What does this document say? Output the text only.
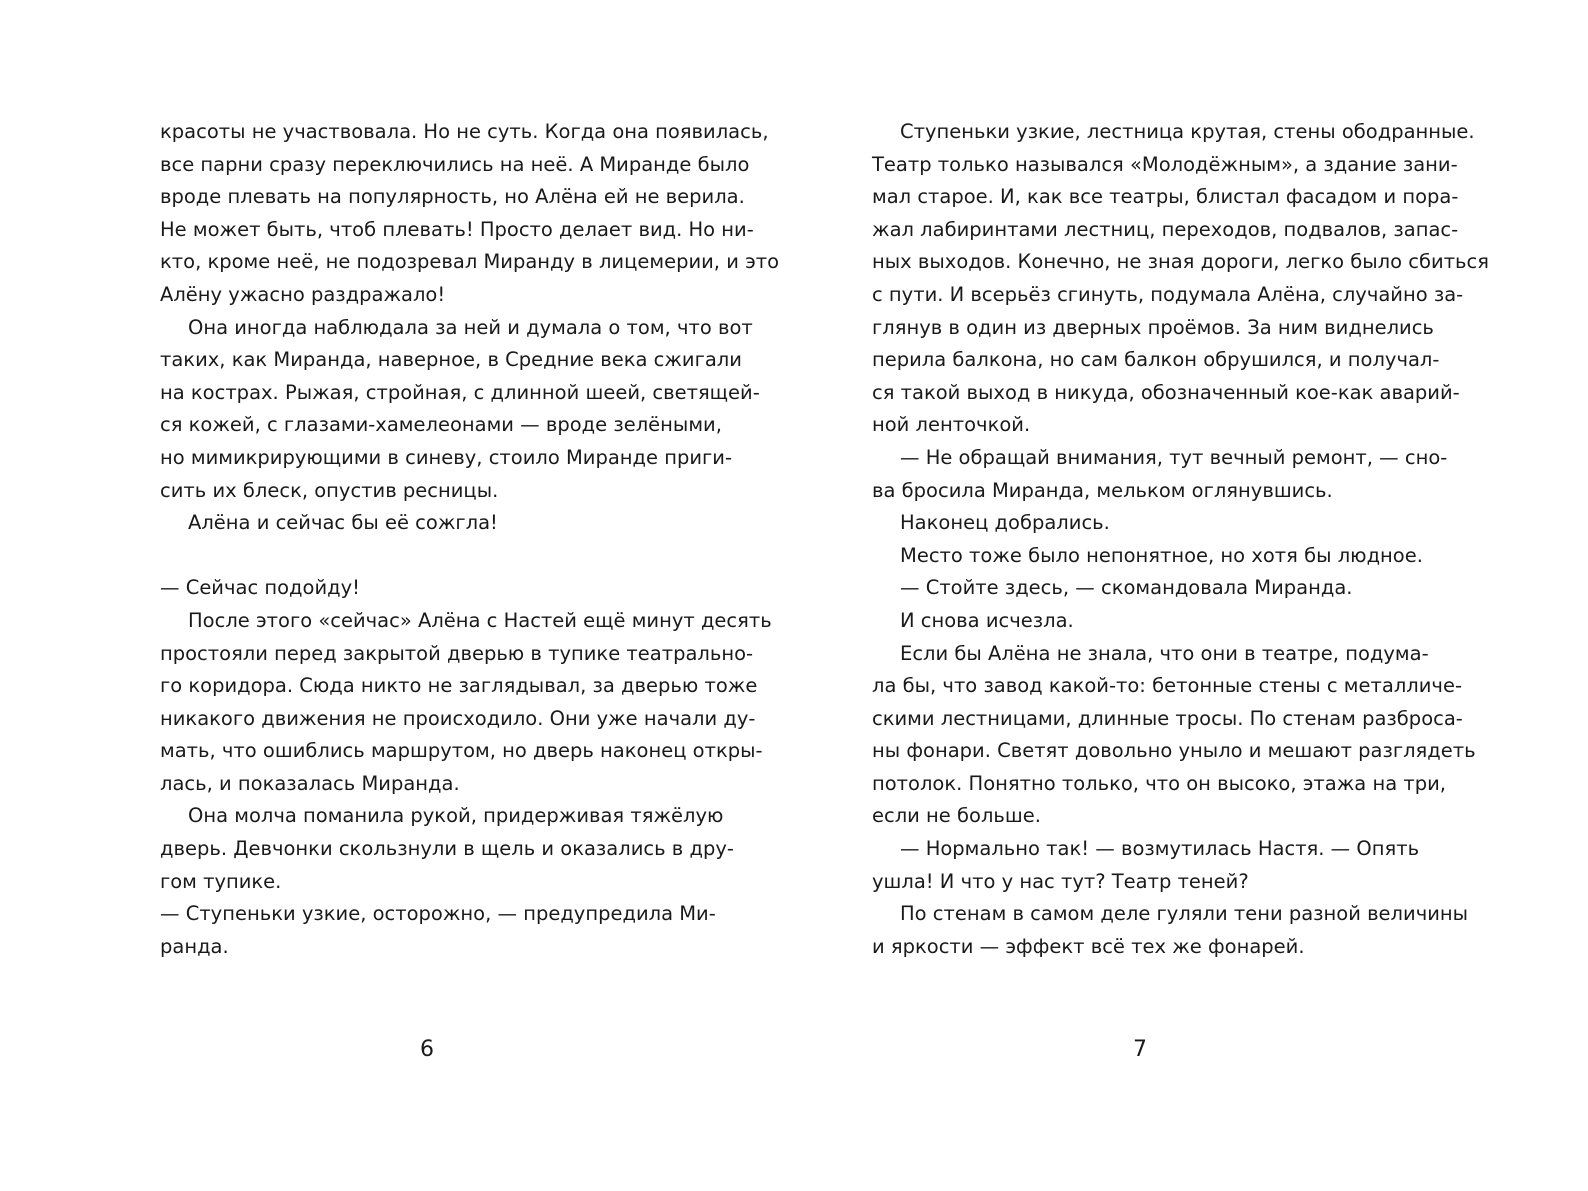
красоты не участвовала. Но не суть. Когда она появилась,
все парни сразу переключились на неё. А Миранде было
вроде плевать на популярность, но Алёна ей не верила.
Не может быть, чтоб плевать! Просто делает вид. Но ни-
кто, кроме неё, не подозревал Миранду в лицемерии, и это
Алёну ужасно раздражало!
Она иногда наблюдала за ней и думала о том, что вот
таких, как Миранда, наверное, в Средние века сжигали
на кострах. Рыжая, стройная, с длинной шеей, светящей-
ся кожей, с глазами-хамелеонами — вроде зелёными,
но мимикрирующими в синеву, стоило Миранде приги-
сить их блеск, опустив ресницы.
Алёна и сейчас бы её сожгла!
— Сейчас подойду!
После этого «сейчас» Алёна с Настей ещё минут десять
простояли перед закрытой дверью в тупике театрально-
го коридора. Сюда никто не заглядывал, за дверью тоже
никакого движения не происходило. Они уже начали ду-
мать, что ошиблись маршрутом, но дверь наконец откры-
лась, и показалась Миранда.
Она молча поманила рукой, придерживая тяжёлую
дверь. Девчонки скользнули в щель и оказались в дру-
гом тупике.
— Ступеньки узкие, осторожно, — предупредила Ми-
ранда.
Ступеньки узкие, лестница крутая, стены ободранные.
Театр только назывался «Молодёжным», а здание зани-
мал старое. И, как все театры, блистал фасадом и пора-
жал лабиринтами лестниц, переходов, подвалов, запас-
ных выходов. Конечно, не зная дороги, легко было сбиться
с пути. И всерьёз сгинуть, подумала Алёна, случайно за-
глянув в один из дверных проёмов. За ним виднелись
перила балкона, но сам балкон обрушился, и получал-
ся такой выход в никуда, обозначенный кое-как аварий-
ной ленточкой.
— Не обращай внимания, тут вечный ремонт, — сно-
ва бросила Миранда, мельком оглянувшись.
Наконец добрались.
Место тоже было непонятное, но хотя бы людное.
— Стойте здесь, — скомандовала Миранда.
И снова исчезла.
Если бы Алёна не знала, что они в театре, подума-
ла бы, что завод какой-то: бетонные стены с металличе-
скими лестницами, длинные тросы. По стенам разброса-
ны фонари. Светят довольно уныло и мешают разглядеть
потолок. Понятно только, что он высоко, этажа на три,
если не больше.
— Нормально так! — возмутилась Настя. — Опять
ушла! И что у нас тут? Театр теней?
По стенам в самом деле гуляли тени разной величины
и яркости — эффект всё тех же фонарей.
6	7
